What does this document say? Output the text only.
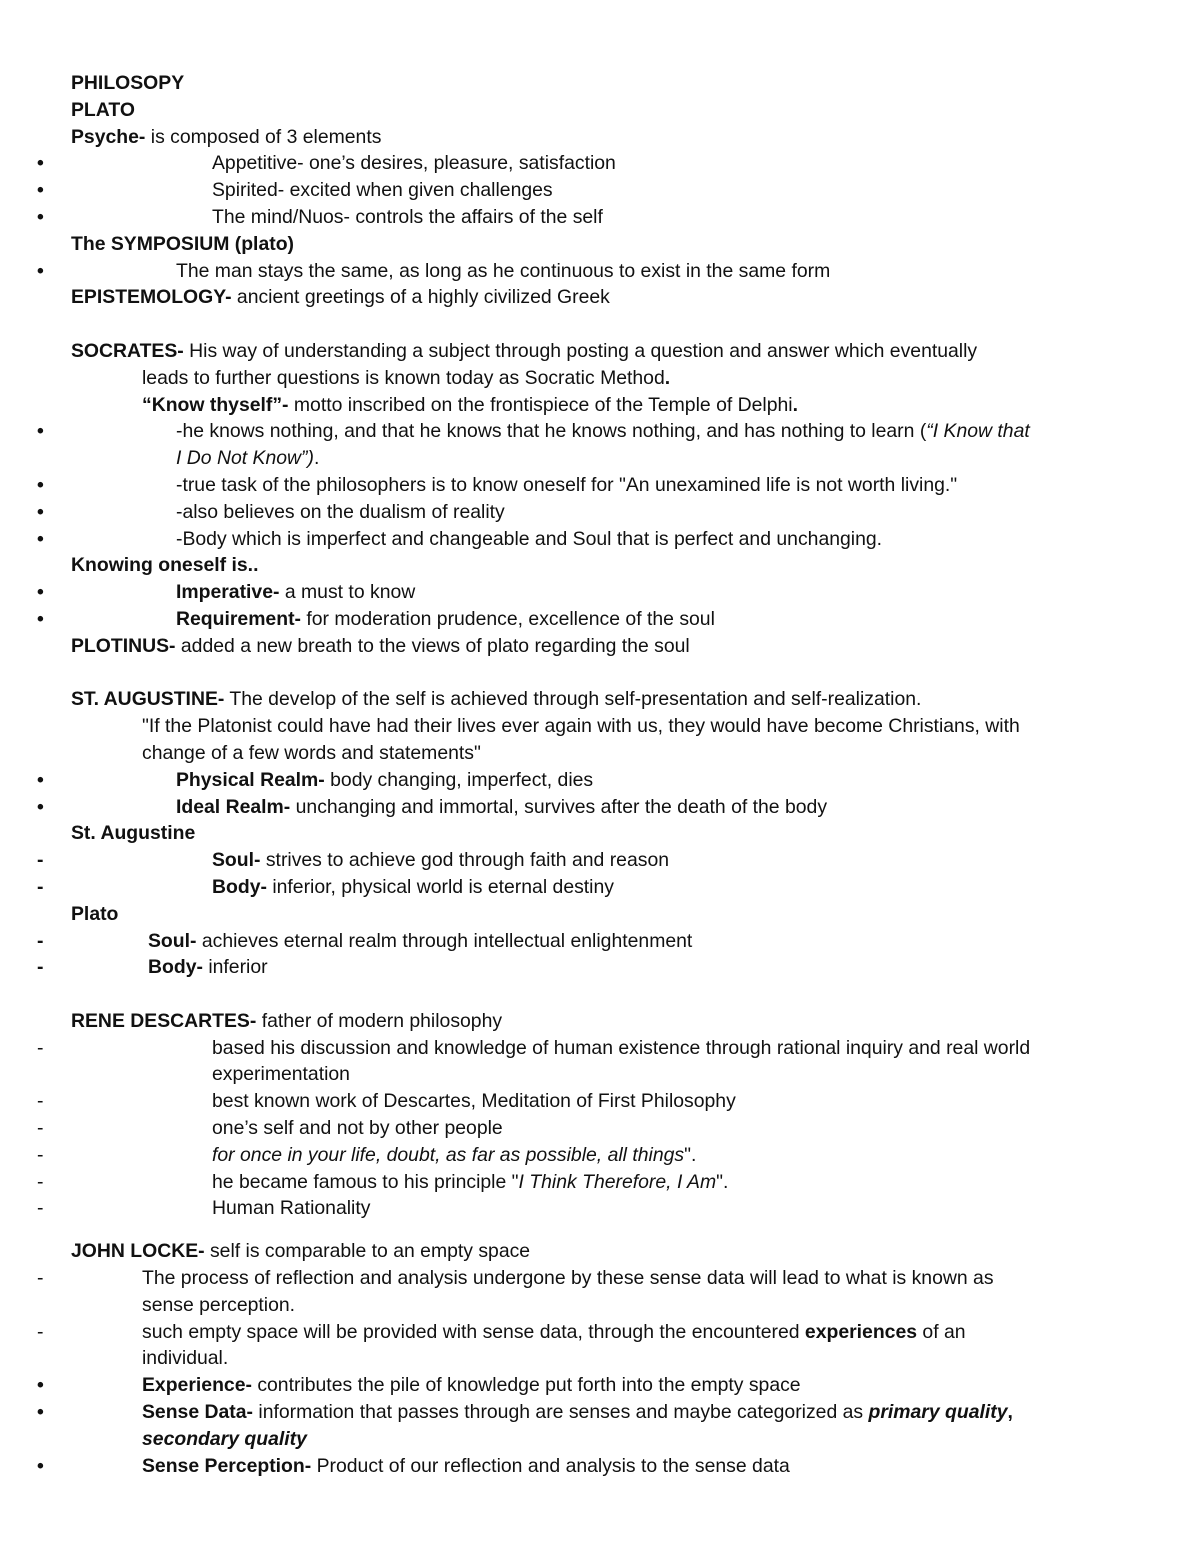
PHILOSOPY
PLATO
Psyche- is composed of 3 elements
• Appetitive- one’s desires, pleasure, satisfaction
• Spirited- excited when given challenges
• The mind/Nuos- controls the affairs of the self
The SYMPOSIUM (plato)
• The man stays the same, as long as he continuous to exist in the same form
EPISTEMOLOGY- ancient greetings of a highly civilized Greek
SOCRATES- His way of understanding a subject through posting a question and answer which eventually
leads to further questions is known today as Socratic Method.
“Know thyself”- motto inscribed on the frontispiece of the Temple of Delphi.
• -he knows nothing, and that he knows that he knows nothing, and has nothing to learn (“I Know that
I Do Not Know”).
• -true task of the philosophers is to know oneself for "An unexamined life is not worth living."
• -also believes on the dualism of reality
• -Body which is imperfect and changeable and Soul that is perfect and unchanging.
Knowing oneself is..
• Imperative- a must to know
• Requirement- for moderation prudence, excellence of the soul
PLOTINUS- added a new breath to the views of plato regarding the soul
ST. AUGUSTINE- The develop of the self is achieved through self-presentation and self-realization.
"If the Platonist could have had their lives ever again with us, they would have become Christians, with
change of a few words and statements"
• Physical Realm- body changing, imperfect, dies
• Ideal Realm- unchanging and immortal, survives after the death of the body
St. Augustine
- Soul- strives to achieve god through faith and reason
- Body- inferior, physical world is eternal destiny
Plato
- Soul- achieves eternal realm through intellectual enlightenment
- Body- inferior
RENE DESCARTES- father of modern philosophy
- based his discussion and knowledge of human existence through rational inquiry and real world
experimentation
- best known work of Descartes, Meditation of First Philosophy
- one’s self and not by other people
- for once in your life, doubt, as far as possible, all things".
- he became famous to his principle "I Think Therefore, I Am".
- Human Rationality
JOHN LOCKE- self is comparable to an empty space
- The process of reflection and analysis undergone by these sense data will lead to what is known as
sense perception.
- such empty space will be provided with sense data, through the encountered experiences of an
individual.
• Experience- contributes the pile of knowledge put forth into the empty space
• Sense Data- information that passes through are senses and maybe categorized as primary quality,
secondary quality
• Sense Perception- Product of our reflection and analysis to the sense data
